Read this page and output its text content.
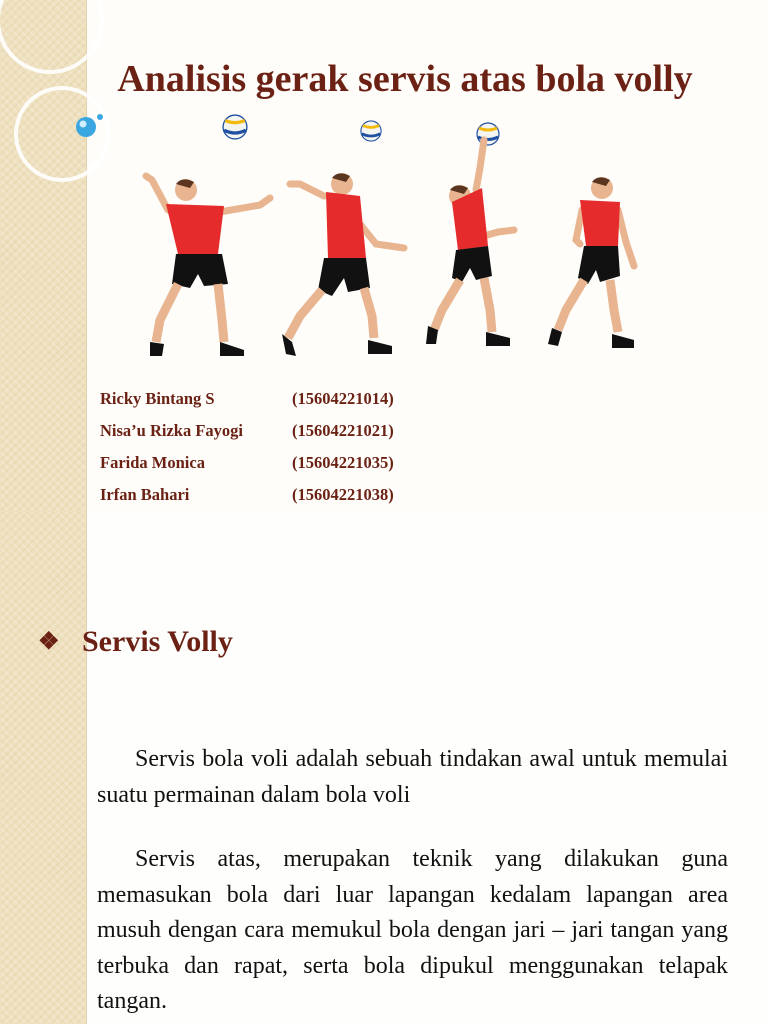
Analisis gerak servis atas bola volly
Ricky Bintang S	(15604221014)
Nisa’u Rizka Fayogi	(15604221021)
Farida Monica	(15604221035)
Irfan Bahari	(15604221038)
❖ Servis Volly

Servis bola voli adalah sebuah tindakan awal untuk memulai suatu permainan dalam bola voli

Servis atas, merupakan teknik yang dilakukan guna memasukan bola dari luar lapangan kedalam lapangan area musuh dengan cara memukul bola dengan jari – jari tangan yang terbuka dan rapat, serta bola dipukul menggunakan telapak tangan.
